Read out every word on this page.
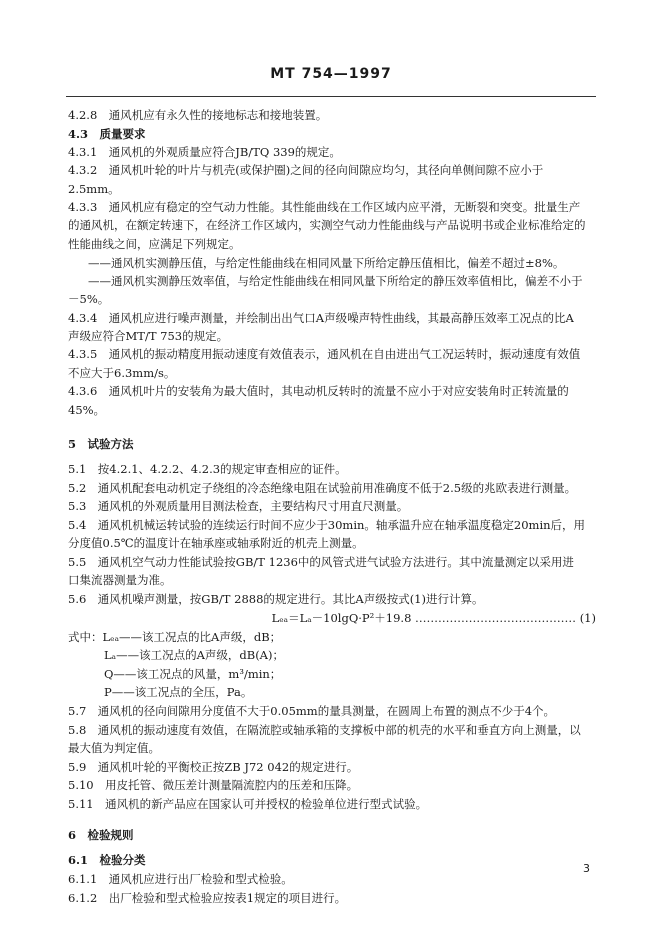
MT 754—1997
4.2.8　通风机应有永久性的接地标志和接地装置。
4.3　质量要求
4.3.1　通风机的外观质量应符合JB/TQ 339的规定。
4.3.2　通风机叶轮的叶片与机壳(或保护圈)之间的径向间隙应均匀，其径向单侧间隙不应小于
2.5mm。
4.3.3　通风机应有稳定的空气动力性能。其性能曲线在工作区域内应平滑，无断裂和突变。批量生产
的通风机，在额定转速下，在经济工作区域内，实测空气动力性能曲线与产品说明书或企业标准给定的
性能曲线之间，应满足下列规定。
——通风机实测静压值，与给定性能曲线在相同风量下所给定静压值相比，偏差不超过±8%。
——通风机实测静压效率值，与给定性能曲线在相同风量下所给定的静压效率值相比，偏差不小于
－5%。
4.3.4　通风机应进行噪声测量，并绘制出出气口A声级噪声特性曲线，其最高静压效率工况点的比A
声级应符合MT/T 753的规定。
4.3.5　通风机的振动精度用振动速度有效值表示，通风机在自由进出气工况运转时，振动速度有效值
不应大于6.3mm/s。
4.3.6　通风机叶片的安装角为最大值时，其电动机反转时的流量不应小于对应安装角时正转流量的
45%。
5　试验方法
5.1　按4.2.1、4.2.2、4.2.3的规定审查相应的证件。
5.2　通风机配套电动机定子绕组的冷态绝缘电阻在试验前用准确度不低于2.5级的兆欧表进行测量。
5.3　通风机的外观质量用目测法检查，主要结构尺寸用直尺测量。
5.4　通风机机械运转试验的连续运行时间不应少于30min。轴承温升应在轴承温度稳定20min后，用
分度值0.5℃的温度计在轴承座或轴承附近的机壳上测量。
5.5　通风机空气动力性能试验按GB/T 1236中的风管式进气试验方法进行。其中流量测定以采用进
口集流器测量为准。
5.6　通风机噪声测量，按GB/T 2888的规定进行。其比A声级按式(1)进行计算。
Lₑₐ＝Lₐ－10lgQ·P²＋19.8 …………………………………… (1)
式中：Lₑₐ——该工况点的比A声级，dB；
Lₐ——该工况点的A声级，dB(A)；
Q——该工况点的风量，m³/min；
P——该工况点的全压，Pa。
5.7　通风机的径向间隙用分度值不大于0.05mm的量具测量，在圆周上布置的测点不少于4个。
5.8　通风机的振动速度有效值，在隔流腔或轴承箱的支撑板中部的机壳的水平和垂直方向上测量，以
最大值为判定值。
5.9　通风机叶轮的平衡校正按ZB J72 042的规定进行。
5.10　用皮托管、微压差计测量隔流腔内的压差和压降。
5.11　通风机的新产品应在国家认可并授权的检验单位进行型式试验。
6　检验规则
6.1　检验分类
6.1.1　通风机应进行出厂检验和型式检验。
6.1.2　出厂检验和型式检验应按表1规定的项目进行。
3
